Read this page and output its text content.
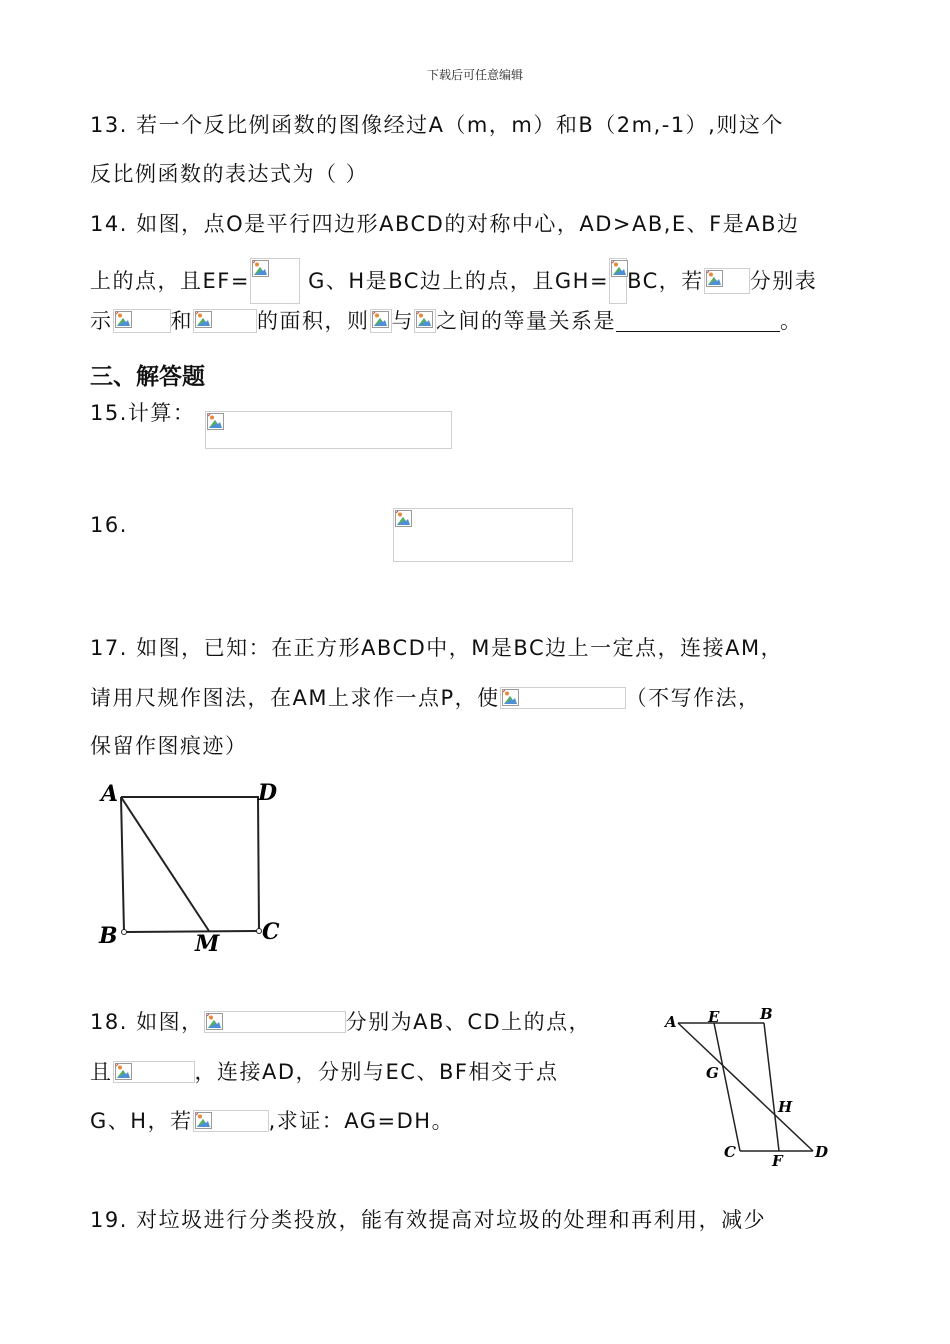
下载后可任意编辑
13. 若一个反比例函数的图像经过A（m，m）和B（2m,-1）,则这个
反比例函数的表达式为（ ）
14. 如图，点O是平行四边形ABCD的对称中心，AD>AB,E、F是AB边
上的点，且EF=
G、H是BC边上的点，且GH= BC，若 分别表
示	和	的面积，则 与 之间的等量关系是	。
三、解答题
15.计算：

16.
17. 如图，已知：在正方形ABCD中，M是BC边上一定点，连接AM，
请用尺规作图法，在AM上求作一点P，使	（不写作法，
保留作图痕迹）
A	D
B	C
M
18. 如图，	分别为AB、CD上的点，
且	，连接AD，分别与EC、BF相交于点
G、H，若	,求证：AG=DH。
A E	B
G
H
C F D
19. 对垃圾进行分类投放，能有效提高对垃圾的处理和再利用，减少
